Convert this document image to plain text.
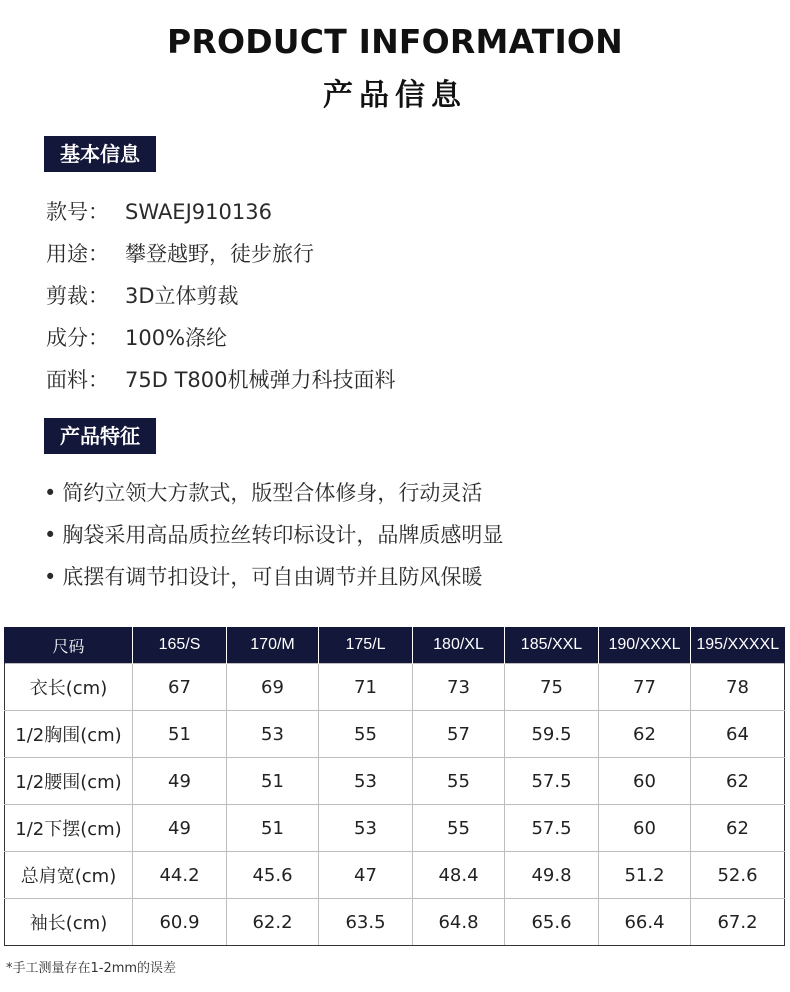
PRODUCT INFORMATION
产品信息
基本信息
款号： SWAEJ910136
用途： 攀登越野，徒步旅行
剪裁： 3D立体剪裁
成分： 100%涤纶
面料： 75D T800机械弹力科技面料
产品特征
• 简约立领大方款式，版型合体修身，行动灵活
• 胸袋采用高品质拉丝转印标设计，品牌质感明显
• 底摆有调节扣设计，可自由调节并且防风保暖
尺码	165/S	170/M	175/L	180/XL	185/XXL	190/XXXL	195/XXXXL
衣长(cm)	67	69	71	73	75	77	78
1/2胸围(cm)	51	53	55	57	59.5	62	64
1/2腰围(cm)	49	51	53	55	57.5	60	62
1/2下摆(cm)	49	51	53	55	57.5	60	62
总肩宽(cm)	44.2	45.6	47	48.4	49.8	51.2	52.6
袖长(cm)	60.9	62.2	63.5	64.8	65.6	66.4	67.2
*手工测量存在1-2mm的误差
